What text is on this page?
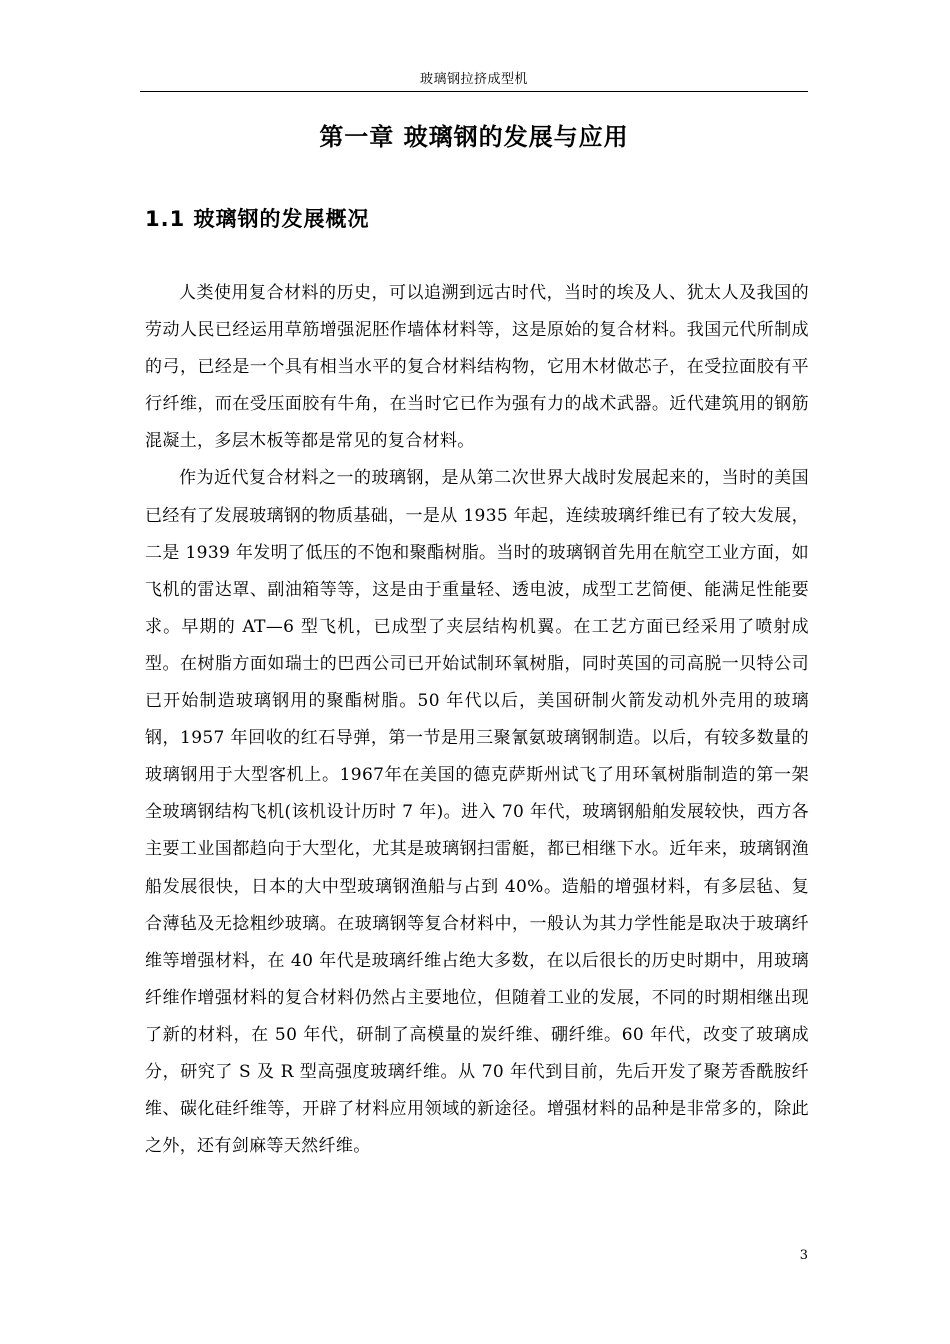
玻璃钢拉挤成型机
第一章 玻璃钢的发展与应用
1.1 玻璃钢的发展概况

人类使用复合材料的历史，可以追溯到远古时代，当时的埃及人、犹太人及我国的劳动人民已经运用草筋增强泥胚作墙体材料等，这是原始的复合材料。我国元代所制成的弓，已经是一个具有相当水平的复合材料结构物，它用木材做芯子，在受拉面胶有平行纤维，而在受压面胶有牛角，在当时它已作为强有力的战术武器。近代建筑用的钢筋混凝土，多层木板等都是常见的复合材料。

作为近代复合材料之一的玻璃钢，是从第二次世界大战时发展起来的，当时的美国已经有了发展玻璃钢的物质基础，一是从 1935 年起，连续玻璃纤维已有了较大发展，二是 1939 年发明了低压的不饱和聚酯树脂。当时的玻璃钢首先用在航空工业方面，如飞机的雷达罩、副油箱等等，这是由于重量轻、透电波，成型工艺简便、能满足性能要求。早期的 AT—6 型飞机，已成型了夹层结构机翼。在工艺方面已经采用了喷射成型。在树脂方面如瑞士的巴西公司已开始试制环氧树脂，同时英国的司高脱一贝特公司已开始制造玻璃钢用的聚酯树脂。50 年代以后，美国研制火箭发动机外壳用的玻璃钢，1957 年回收的红石导弹，第一节是用三聚氰氨玻璃钢制造。以后，有较多数量的玻璃钢用于大型客机上。1967年在美国的德克萨斯州试飞了用环氧树脂制造的第一架全玻璃钢结构飞机(该机设计历时 7 年)。进入 70 年代，玻璃钢船舶发展较快，西方各主要工业国都趋向于大型化，尤其是玻璃钢扫雷艇，都已相继下水。近年来，玻璃钢渔船发展很快，日本的大中型玻璃钢渔船与占到 40%。造船的增强材料，有多层毡、复合薄毡及无捻粗纱玻璃。在玻璃钢等复合材料中，一般认为其力学性能是取决于玻璃纤维等增强材料，在 40 年代是玻璃纤维占绝大多数，在以后很长的历史时期中，用玻璃纤维作增强材料的复合材料仍然占主要地位，但随着工业的发展，不同的时期相继出现了新的材料，在 50 年代，研制了高模量的炭纤维、硼纤维。60 年代，改变了玻璃成分，研究了 S 及 R 型高强度玻璃纤维。从 70 年代到目前，先后开发了聚芳香酰胺纤维、碳化硅纤维等，开辟了材料应用领域的新途径。增强材料的品种是非常多的，除此之外，还有剑麻等天然纤维。

3
